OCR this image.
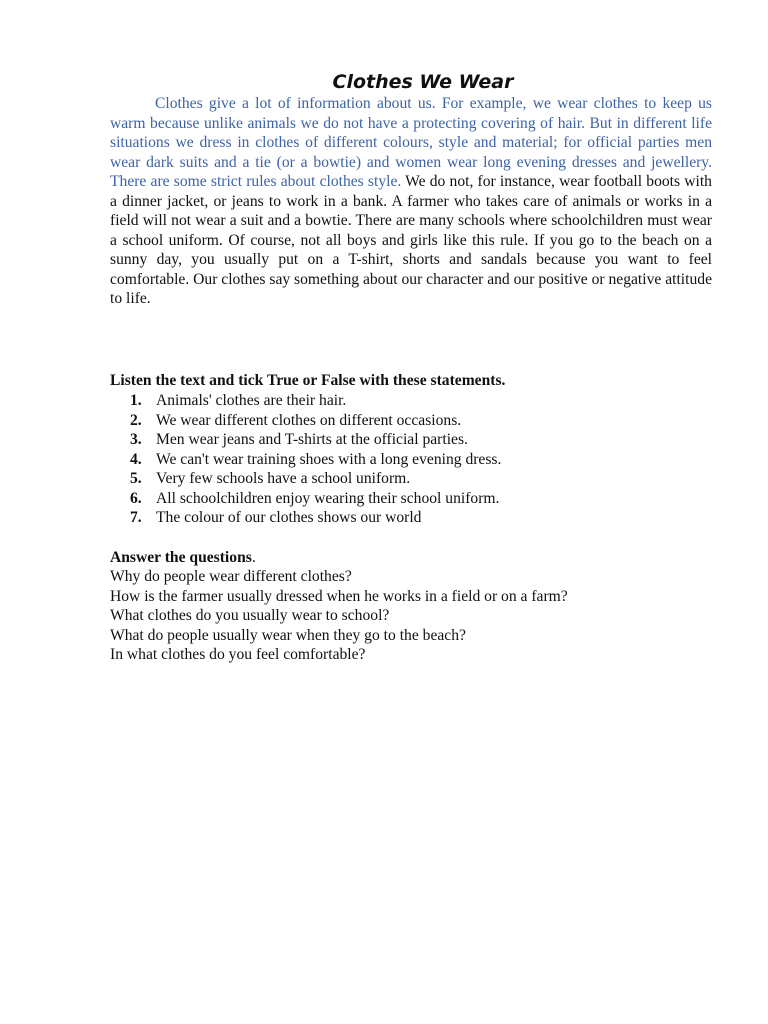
Clothes We Wear

Clothes give a lot of information about us. For example, we wear clothes to keep us warm because unlike animals we do not have a protecting covering of hair. But in different life situations we dress in clothes of different colours, style and material; for official parties men wear dark suits and a tie (or a bowtie) and women wear long evening dresses and jewellery. There are some strict rules about clothes style. We do not, for instance, wear football boots with a dinner jacket, or jeans to work in a bank. A farmer who takes care of animals or works in a field will not wear a suit and a bowtie. There are many schools where schoolchildren must wear a school uniform. Of course, not all boys and girls like this rule. If you go to the beach on a sunny day, you usually put on a T-shirt, shorts and sandals because you want to feel comfortable. Our clothes say something about our character and our positive or negative attitude to life.

Listen the text and tick True or False with these statements.

1. Animals' clothes are their hair.
2. We wear different clothes on different occasions.
3. Men wear jeans and T-shirts at the official parties.
4. We can't wear training shoes with a long evening dress.
5. Very few schools have a school uniform.
6. All schoolchildren enjoy wearing their school uniform.
7. The colour of our clothes shows our world

Answer the questions.

Why do people wear different clothes?
How is the farmer usually dressed when he works in a field or on a farm?
What clothes do you usually wear to school?
What do people usually wear when they go to the beach?
In what clothes do you feel comfortable?
